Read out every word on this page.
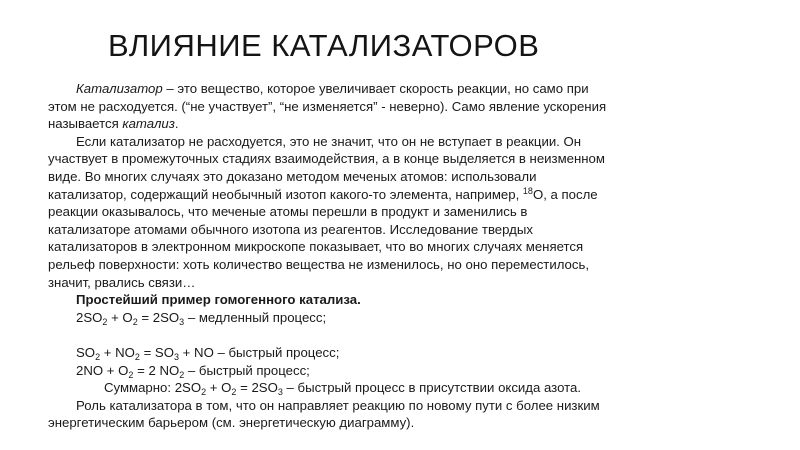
ВЛИЯНИЕ КАТАЛИЗАТОРОВ
Катализатор – это вещество, которое увеличивает скорость реакции, но само при
этом не расходуется. (“не участвует”, “не изменяется” - неверно). Само явление ускорения
называется катализ.
Если катализатор не расходуется, это не значит, что он не вступает в реакции. Он
участвует в промежуточных стадиях взаимодействия, а в конце выделяется в неизменном
виде. Во многих случаях это доказано методом меченых атомов: использовали
катализатор, содержащий необычный изотоп какого-то элемента, например, $^{18}$O, а после
реакции оказывалось, что меченые атомы перешли в продукт и заменились в
катализаторе атомами обычного изотопа из реагентов. Исследование твердых
катализаторов в электронном микроскопе показывает, что во многих случаях меняется
рельеф поверхности: хоть количество вещества не изменилось, но оно переместилось,
значит, рвались связи…
Простейший пример гомогенного катализа.
$2SO_2 + O_2 = 2SO_3$ – медленный процесс;
$SO_2 + NO_2 = SO_3$ + NO – быстрый процесс;
$2NO + O_2 = 2$ $NO_2$ – быстрый процесс;
Суммарно: $2SO_2 + O_2 = 2SO_3$ – быстрый процесс в присутствии оксида азота.
Роль катализатора в том, что он направляет реакцию по новому пути с более низким
энергетическим барьером (см. энергетическую диаграмму).
